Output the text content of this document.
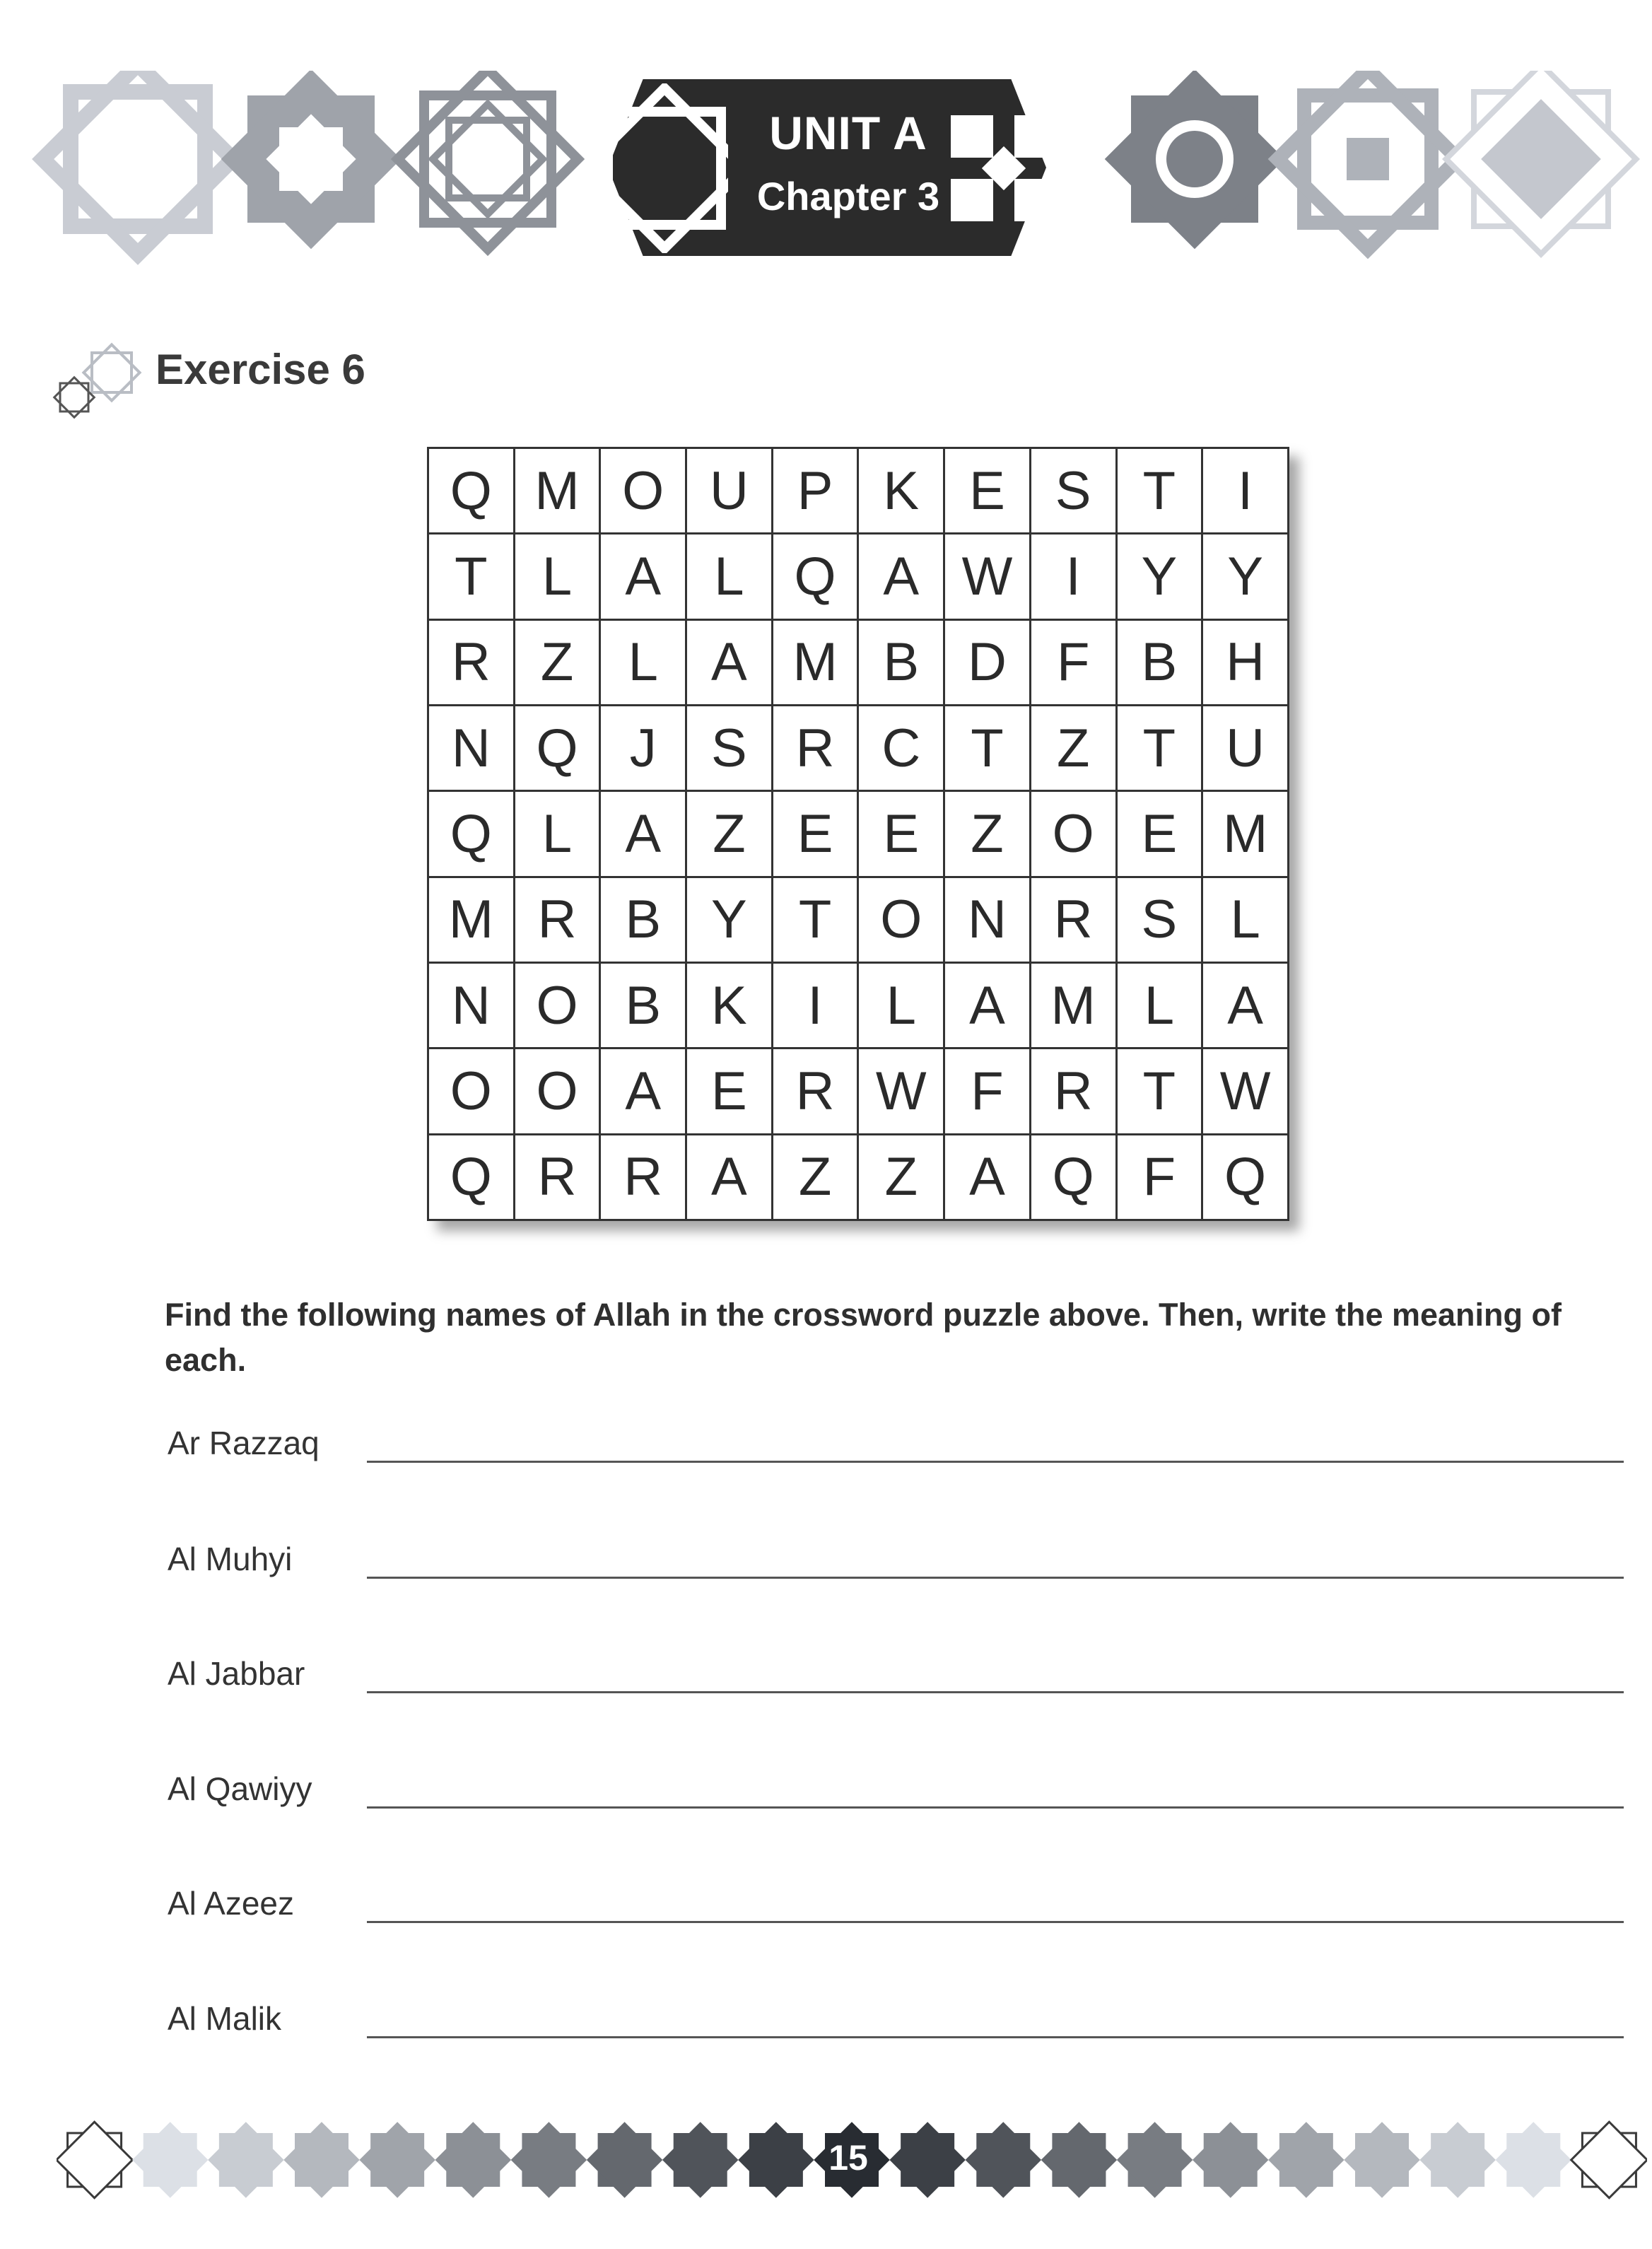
UNIT A
Chapter 3
Exercise 6
Q	M	O	U	P	K	E	S	T	I
T	L	A	L	Q	A	W	I	Y	Y
R	Z	L	A	M	B	D	F	B	H
N	Q	J	S	R	C	T	Z	T	U
Q	L	A	Z	E	E	Z	O	E	M
M	R	B	Y	T	O	N	R	S	L
N	O	B	K	I	L	A	M	L	A
O	O	A	E	R	W	F	R	T	W
Q	R	R	A	Z	Z	A	Q	F	Q
Find the following names of Allah in the crossword puzzle above. Then, write the meaning of each.
Ar Razzaq
Al Muhyi
Al Jabbar
Al Qawiyy
Al Azeez
Al Malik
15
